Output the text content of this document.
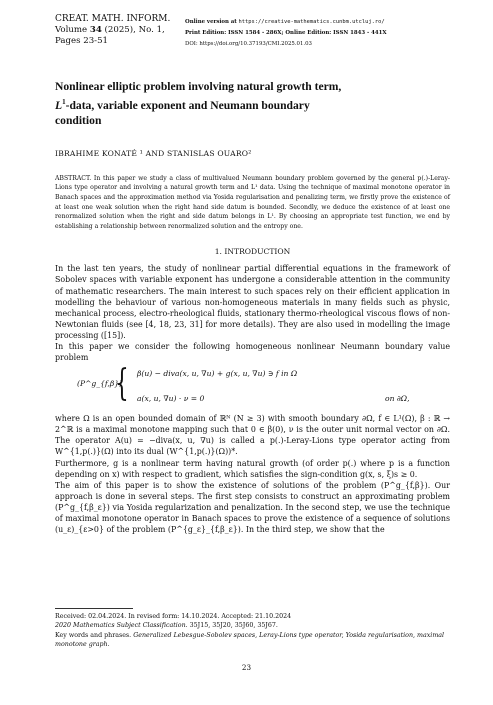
CREAT. MATH. INFORM.
Volume 34 (2025), No. 1,
Pages 23-51
Online version at https://creative-mathematics.cunbm.utcluj.ro/
Print Edition: ISSN 1584 - 286X; Online Edition: ISSN 1843 - 441X
DOI: https://doi.org/10.37193/CMI.2025.01.03
Nonlinear elliptic problem involving natural growth term,
$L^1$-data, variable exponent and Neumann boundary
condition
IBRAHIME KONATÉ ¹ AND STANISLAS OUARO²
ABSTRACT. In this paper we study a class of multivalued Neumann boundary problem governed by the general p(.)-Leray-Lions type operator and involving a natural growth term and L¹ data. Using the technique of maximal monotone operator in Banach spaces and the approximation method via Yosida regularisation and penalizing term, we firstly prove the existence of at least one weak solution when the right hand side datum is bounded. Secondly, we deduce the existence of at least one renormalized solution when the right and side datum belongs in L¹. By choosing an appropriate test function, we end by establishing a relationship between renormalized solution and the entropy one.
1. INTRODUCTION

In the last ten years, the study of nonlinear partial differential equations in the framework of Sobolev spaces with variable exponent has undergone a considerable attention in the community of mathematic researchers. The main interest to such spaces rely on their efficient application in modelling the behaviour of various non-homogeneous materials in many fields such as physic, mechanical process, electro-rheological fluids, stationary thermo-rheological viscous flows of non-Newtonian fluids (see [4, 18, 23, 31] for more details). They are also used in modelling the image processing ([15]).

In this paper we consider the following homogeneous nonlinear Neumann boundary value problem

(P^g_{f,β})
{ β(u) − diva(x, u, ∇u) + g(x, u, ∇u) ∋ f in Ω
a(x, u, ∇u) · ν = 0	on ∂Ω,

where Ω is an open bounded domain of ℝᴺ (N ≥ 3) with smooth boundary ∂Ω, f ∈ L¹(Ω), β : ℝ → 2^ℝ is a maximal monotone mapping such that 0 ∈ β(0), ν is the outer unit normal vector on ∂Ω. The operator A(u) = −diva(x, u, ∇u) is called a p(.)-Leray-Lions type operator acting from W^{1,p(.)}(Ω) into its dual (W^{1,p(.)}(Ω))*.

Furthermore, g is a nonlinear term having natural growth (of order p(.) where p is a function depending on x) with respect to gradient, which satisfies the sign-condition g(x, s, ξ)s ≥ 0.

The aim of this paper is to show the existence of solutions of the problem (P^g_{f,β}). Our approach is done in several steps. The first step consists to construct an approximating problem (P^g_{f,β_ε}) via Yosida regularization and penalization. In the second step, we use the technique of maximal monotone operator in Banach spaces to prove the existence of a sequence of solutions (u_ε)_{ε>0} of the problem (P^{g_ε}_{f,β_ε}). In the third step, we show that the

Received: 02.04.2024. In revised form: 14.10.2024. Accepted: 21.10.2024

2020 Mathematics Subject Classification. 35J15, 35J20, 35J60, 35J67.

Key words and phrases. Generalized Lebesgue-Sobolev spaces, Leray-Lions type operator, Yosida regularisation, maximal monotone graph.

23
